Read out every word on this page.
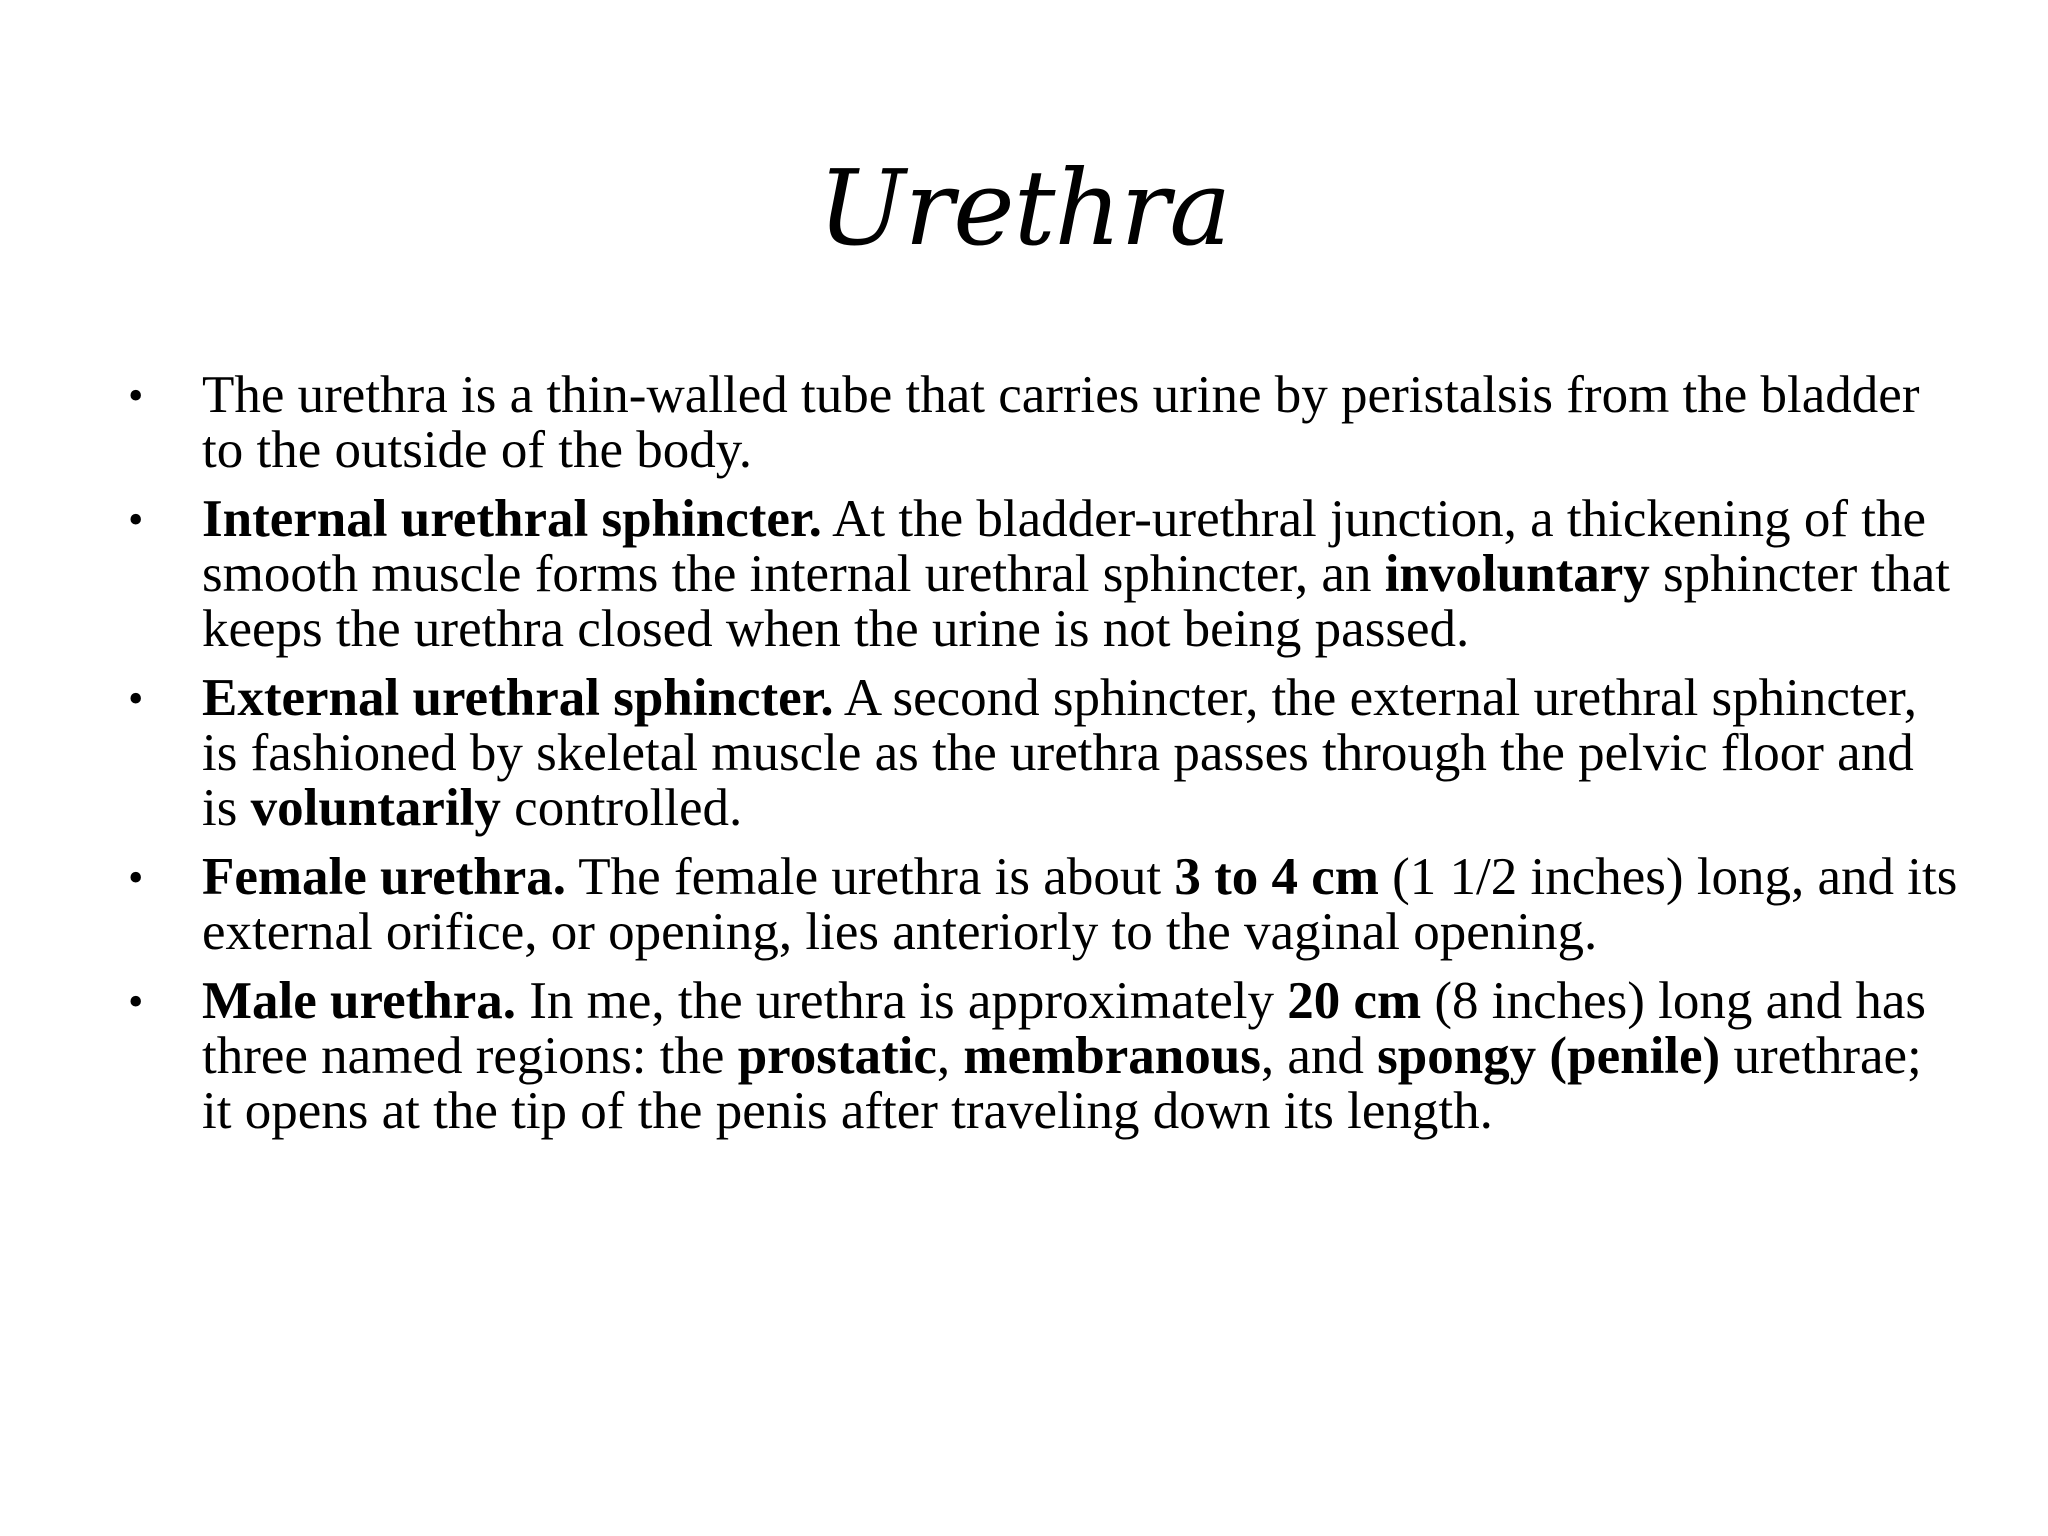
Urethra
• The urethra is a thin-walled tube that carries urine by peristalsis from the bladder to the outside of the body.
• Internal urethral sphincter. At the bladder-urethral junction, a thickening of the smooth muscle forms the internal urethral sphincter, an involuntary sphincter that keeps the urethra closed when the urine is not being passed.
• External urethral sphincter. A second sphincter, the external urethral sphincter, is fashioned by skeletal muscle as the urethra passes through the pelvic floor and is voluntarily controlled.
• Female urethra. The female urethra is about 3 to 4 cm (1 1/2 inches) long, and its external orifice, or opening, lies anteriorly to the vaginal opening.
• Male urethra. In me, the urethra is approximately 20 cm (8 inches) long and has three named regions: the prostatic, membranous, and spongy (penile) urethrae; it opens at the tip of the penis after traveling down its length.
